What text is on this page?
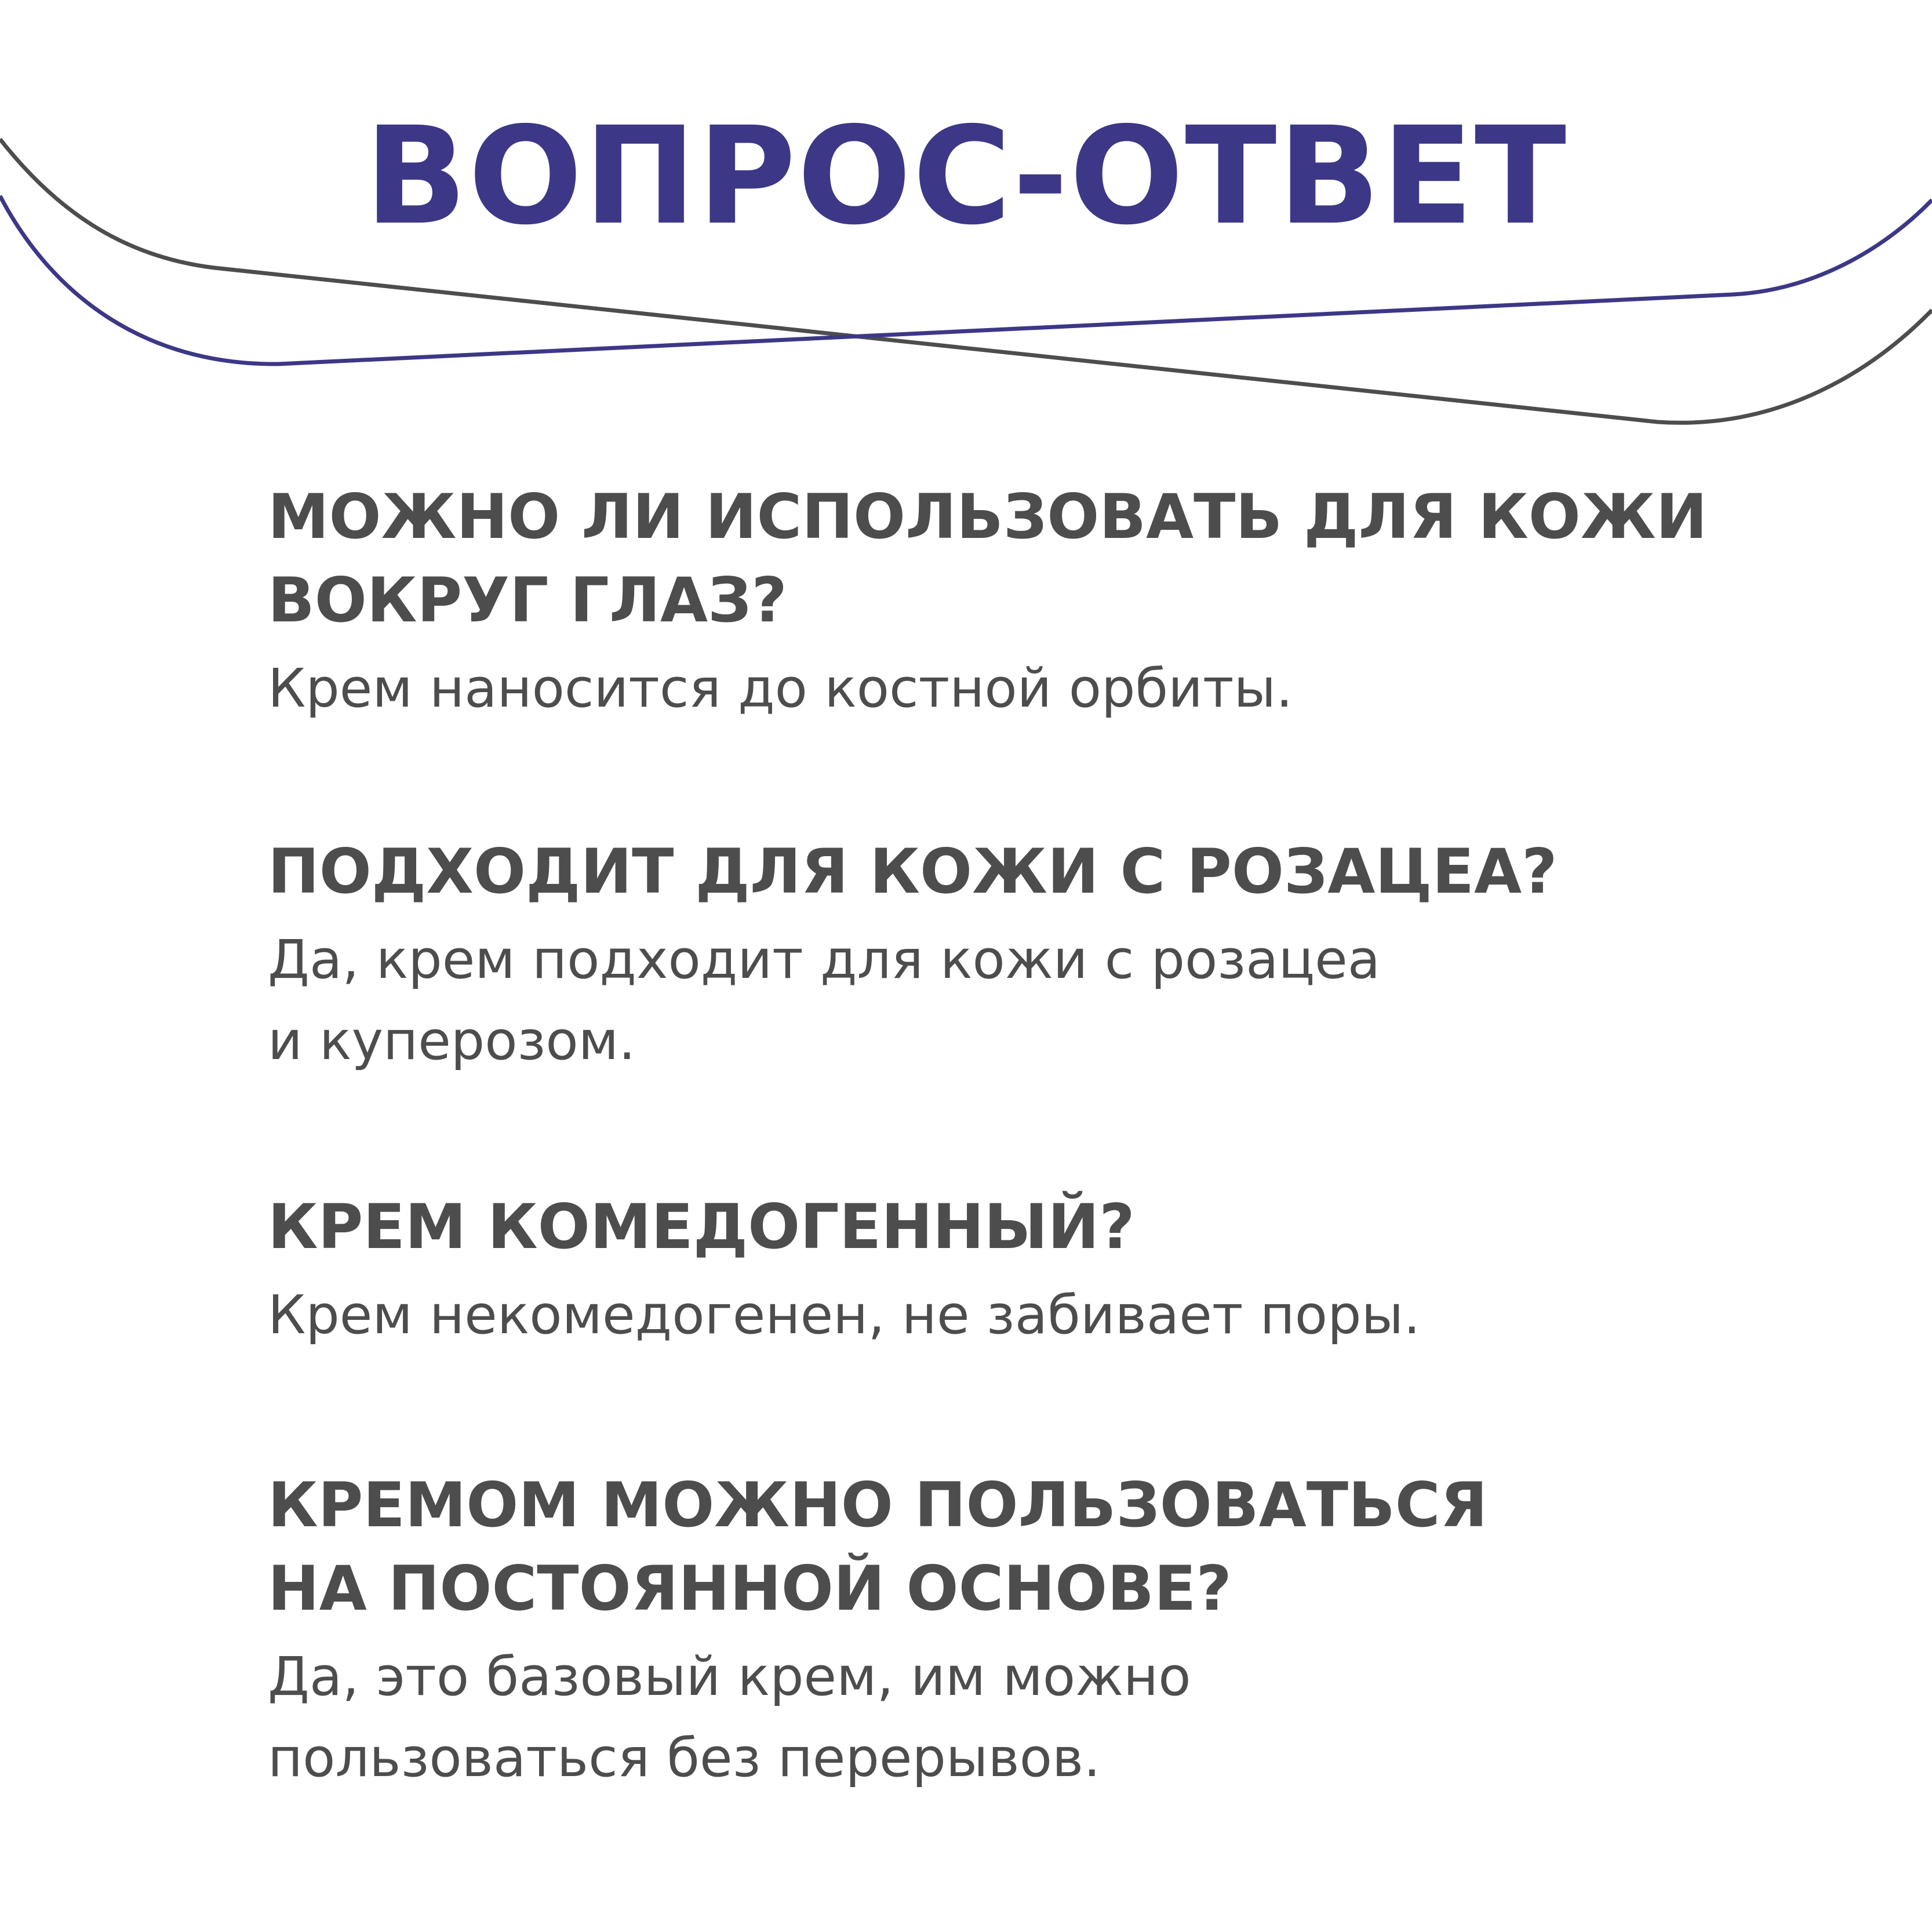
ВОПРОС-ОТВЕТ

МОЖНО ЛИ ИСПОЛЬЗОВАТЬ ДЛЯ КОЖИ
ВОКРУГ ГЛАЗ?

Крем наносится до костной орбиты.

ПОДХОДИТ ДЛЯ КОЖИ С РОЗАЦЕА?

Да, крем подходит для кожи с розацеа
и куперозом.

КРЕМ КОМЕДОГЕННЫЙ?

Крем некомедогенен, не забивает поры.

КРЕМОМ МОЖНО ПОЛЬЗОВАТЬСЯ
НА ПОСТОЯННОЙ ОСНОВЕ?

Да, это базовый крем, им можно
пользоваться без перерывов.
